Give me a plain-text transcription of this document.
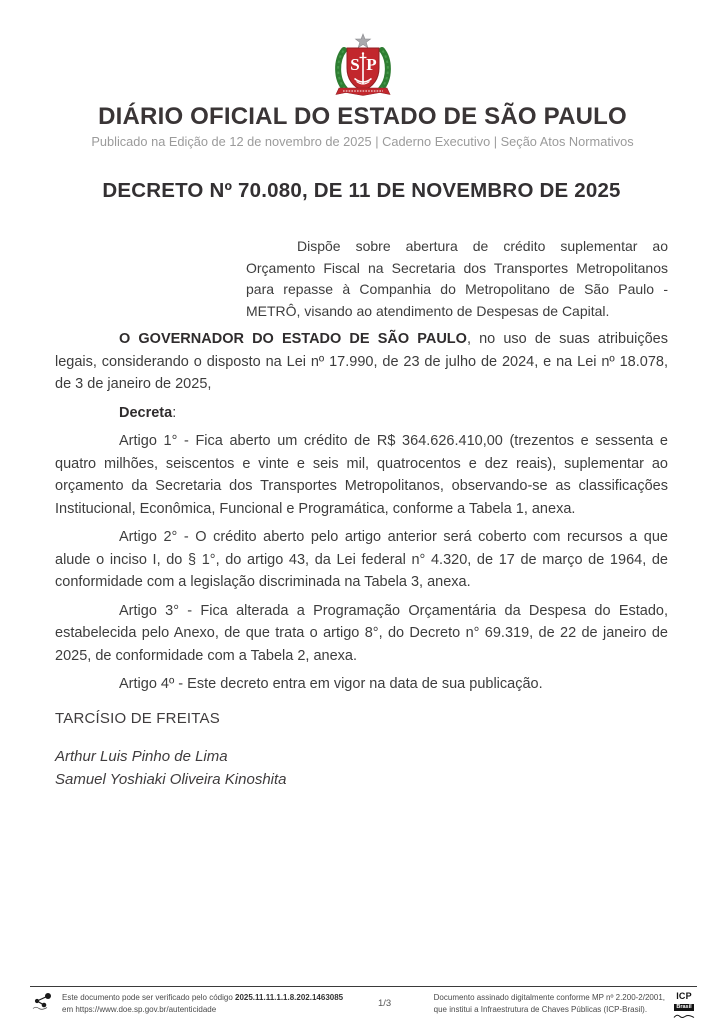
S P
DIÁRIO OFICIAL DO ESTADO DE SÃO PAULO
Publicado na Edição de 12 de novembro de 2025 | Caderno Executivo | Seção Atos Normativos
DECRETO Nº 70.080, DE 11 DE NOVEMBRO DE 2025

Dispõe sobre abertura de crédito suplementar ao Orçamento Fiscal na Secretaria dos Transportes Metropolitanos para repasse à Companhia do Metropolitano de São Paulo - METRÔ, visando ao atendimento de Despesas de Capital.

O GOVERNADOR DO ESTADO DE SÃO PAULO, no uso de suas atribuições legais, considerando o disposto na Lei nº 17.990, de 23 de julho de 2024, e na Lei nº 18.078, de 3 de janeiro de 2025,

Decreta:

Artigo 1° - Fica aberto um crédito de R$ 364.626.410,00 (trezentos e sessenta e quatro milhões, seiscentos e vinte e seis mil, quatrocentos e dez reais), suplementar ao orçamento da Secretaria dos Transportes Metropolitanos, observando-se as classificações Institucional, Econômica, Funcional e Programática, conforme a Tabela 1, anexa.

Artigo 2° - O crédito aberto pelo artigo anterior será coberto com recursos a que alude o inciso I, do § 1°, do artigo 43, da Lei federal n° 4.320, de 17 de março de 1964, de conformidade com a legislação discriminada na Tabela 3, anexa.

Artigo 3° - Fica alterada a Programação Orçamentária da Despesa do Estado, estabelecida pelo Anexo, de que trata o artigo 8°, do Decreto n° 69.319, de 22 de janeiro de 2025, de conformidade com a Tabela 2, anexa.

Artigo 4º - Este decreto entra em vigor na data de sua publicação.

TARCÍSIO DE FREITAS

Arthur Luis Pinho de Lima
Samuel Yoshiaki Oliveira Kinoshita
Este documento pode ser verificado pelo código 2025.11.11.1.1.8.202.1463085
em https://www.doe.sp.gov.br/autenticidade	1/3
Documento assinado digitalmente conforme MP nº 2.200-2/2001,
que institui a Infraestrutura de Chaves Públicas (ICP-Brasil).
ICP
Brasil
